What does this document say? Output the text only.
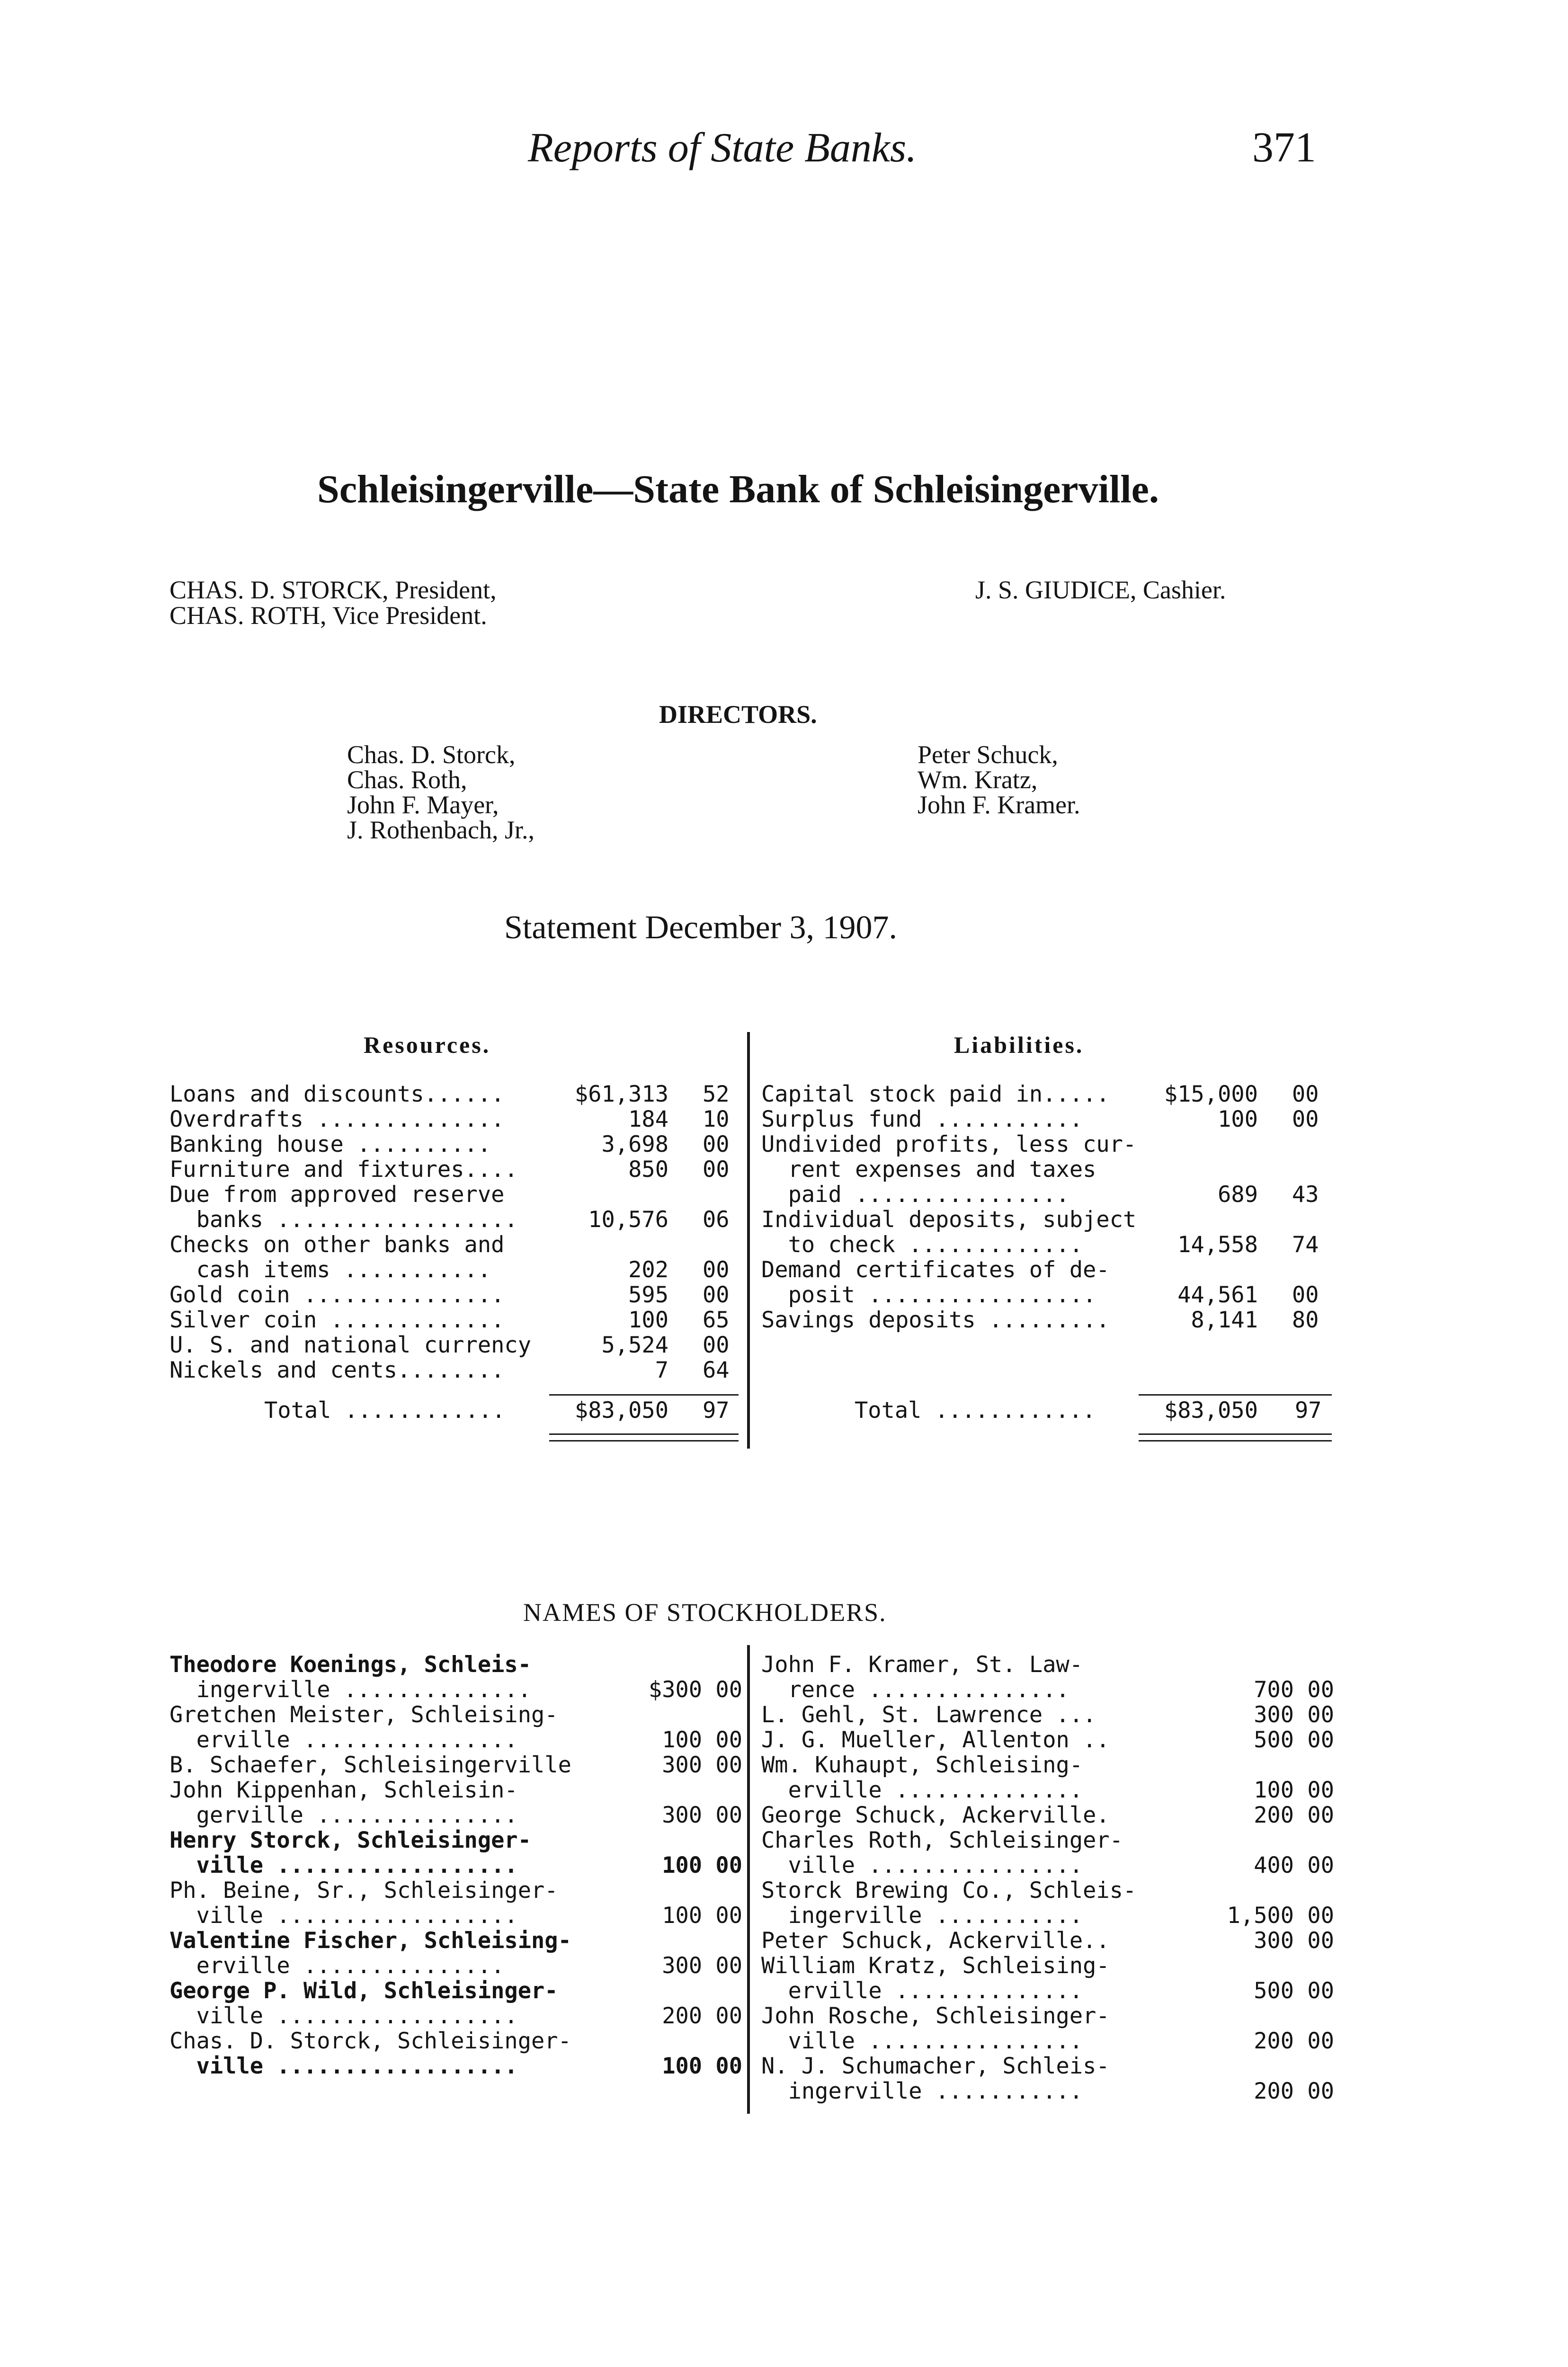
Reports of State Banks.	371
Schleisingerville—State Bank of Schleisingerville.
CHAS. D. STORCK, President,
CHAS. ROTH, Vice President.
J. S. GIUDICE, Cashier.
DIRECTORS.
Chas. D. Storck,
Chas. Roth,
John F. Mayer,
J. Rothenbach, Jr.,
Peter Schuck,
Wm. Kratz,
John F. Kramer.
Statement December 3, 1907.
Resources.	Liabilities.
Loans and discounts......	$61,313 52
Overdrafts ..............	184 10
Banking house ..........	3,698 00
Furniture and fixtures....	850 00
Due from approved reserve
banks ..................	10,576 06
Checks on other banks and
cash items ...........	202 00
Gold coin ...............	595 00
Silver coin .............	100 65
U. S. and national currency	5,524 00
Nickels and cents........	7 64
Capital stock paid in.....	$15,000 00
Surplus fund ...........	100 00
Undivided profits, less cur-
rent expenses and taxes
paid ................	689 43
Individual deposits, subject
to check .............	14,558 74
Demand certificates of de-
posit .................	44,561 00
Savings deposits .........	8,141 80
Total ............	$83,050 97	Total ............	$83,050 97
NAMES OF STOCKHOLDERS.
Theodore Koenings, Schleis-
ingerville ..............	$300 00
Gretchen Meister, Schleising-
erville ................	100 00
B. Schaefer, Schleisingerville	300 00
John Kippenhan, Schleisin-
gerville ...............	300 00
Henry Storck, Schleisinger-
ville ..................	100 00
Ph. Beine, Sr., Schleisinger-
ville ..................	100 00
Valentine Fischer, Schleising-
erville ...............	300 00
George P. Wild, Schleisinger-
ville ..................	200 00
Chas. D. Storck, Schleisinger-
ville ..................	100 00
John F. Kramer, St. Law-
rence ...............	700 00
L. Gehl, St. Lawrence ...	300 00
J. G. Mueller, Allenton ..	500 00
Wm. Kuhaupt, Schleising-
erville ..............	100 00
George Schuck, Ackerville.	200 00
Charles Roth, Schleisinger-
ville ................	400 00
Storck Brewing Co., Schleis-
ingerville ...........	1,500 00
Peter Schuck, Ackerville..	300 00
William Kratz, Schleising-
erville ..............	500 00
John Rosche, Schleisinger-
ville ................	200 00
N. J. Schumacher, Schleis-
ingerville ...........	200 00
